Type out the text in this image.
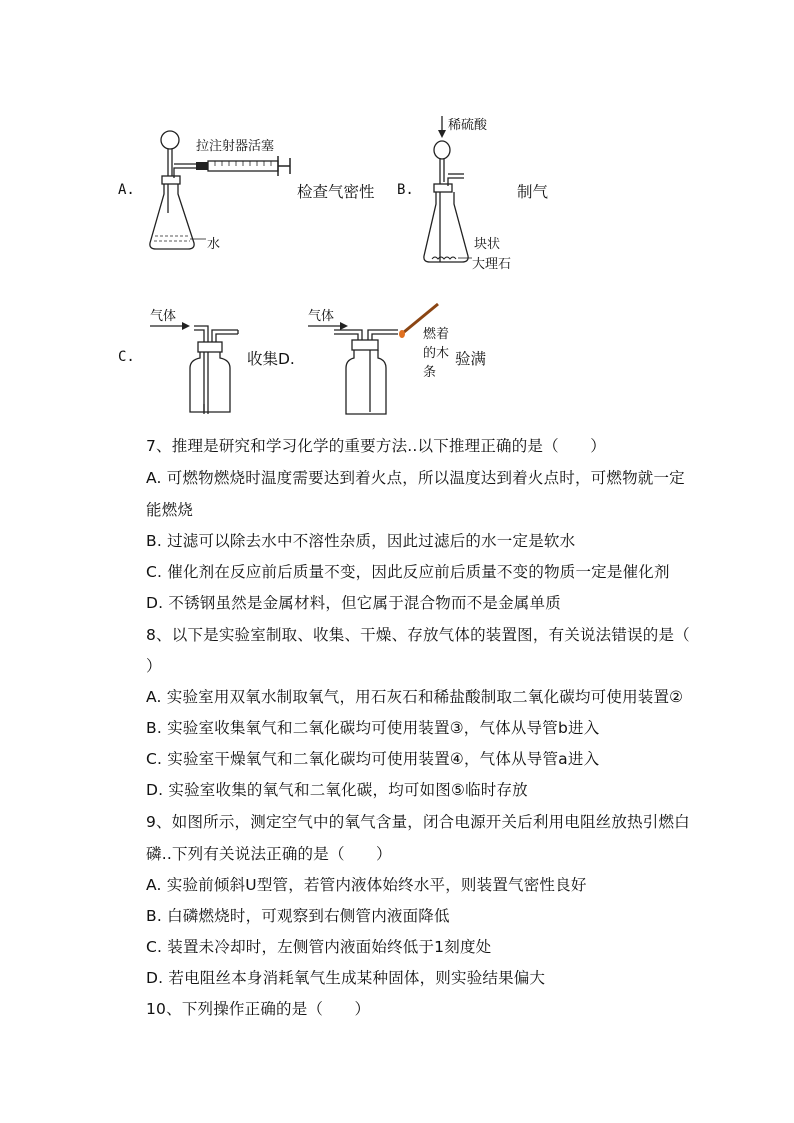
A.
拉注射器活塞
水
检查气密性 B.
稀硫酸
块状
大理石
制气
C.
气体
收集D.
气体
燃着
的木
条
验满
7、推理是研究和学习化学的重要方法..以下推理正确的是（　　）
A. 可燃物燃烧时温度需要达到着火点，所以温度达到着火点时，可燃物就一定
能燃烧
B. 过滤可以除去水中不溶性杂质，因此过滤后的水一定是软水
C. 催化剂在反应前后质量不变，因此反应前后质量不变的物质一定是催化剂
D. 不锈钢虽然是金属材料，但它属于混合物而不是金属单质
8、以下是实验室制取、收集、干燥、存放气体的装置图，有关说法错误的是（
）
A. 实验室用双氧水制取氧气，用石灰石和稀盐酸制取二氧化碳均可使用装置②
B. 实验室收集氧气和二氧化碳均可使用装置③，气体从导管b进入
C. 实验室干燥氧气和二氧化碳均可使用装置④，气体从导管a进入
D. 实验室收集的氧气和二氧化碳，均可如图⑤临时存放
9、如图所示，测定空气中的氧气含量，闭合电源开关后利用电阻丝放热引燃白
磷..下列有关说法正确的是（　　）
A. 实验前倾斜U型管，若管内液体始终水平，则装置气密性良好
B. 白磷燃烧时，可观察到右侧管内液面降低
C. 装置未冷却时，左侧管内液面始终低于1刻度处
D. 若电阻丝本身消耗氧气生成某种固体，则实验结果偏大
10、下列操作正确的是（　　）
